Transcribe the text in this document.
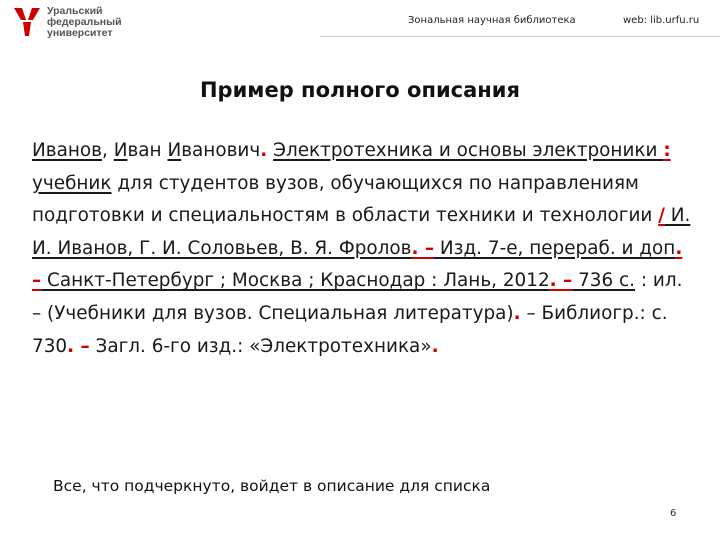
Уральский
федеральный
университет
Зональная научная библиотека	web: lib.urfu.ru
Пример полного описания
Иванов, Иван Иванович. Электротехника и основы электроники : учебник для студентов вузов, обучающихся по направлениям подготовки и специальностям в области техники и технологии / И. И. Иванов, Г. И. Соловьев, В. Я. Фролов. – Изд. 7-е, перераб. и доп. – Санкт-Петербург ; Москва ; Краснодар : Лань, 2012. – 736 с. : ил. – (Учебники для вузов. Специальная литература). – Библиогр.: с. 730. – Загл. 6-го изд.: «Электротехника».
Все, что подчеркнуто, войдет в описание для списка
6
